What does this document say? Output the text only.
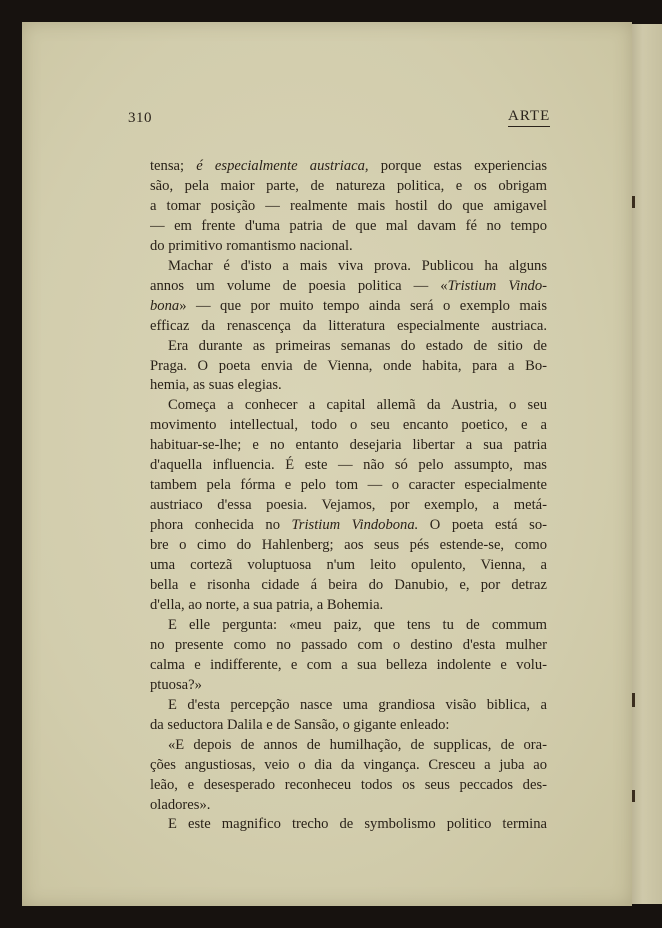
310	ARTE
tensa; é especialmente austriaca, porque estas experiencias
são, pela maior parte, de natureza politica, e os obrigam
a tomar posição — realmente mais hostil do que amigavel
— em frente d'uma patria de que mal davam fé no tempo
do primitivo romantismo nacional.
Machar é d'isto a mais viva prova. Publicou ha alguns
annos um volume de poesia politica — «Tristium Vindo-
bona» — que por muito tempo ainda será o exemplo mais
efficaz da renascença da litteratura especialmente austriaca.
Era durante as primeiras semanas do estado de sitio de
Praga. O poeta envia de Vienna, onde habita, para a Bo-
hemia, as suas elegias.
Começa a conhecer a capital allemã da Austria, o seu
movimento intellectual, todo o seu encanto poetico, e a
habituar-se-lhe; e no entanto desejaria libertar a sua patria
d'aquella influencia. É este — não só pelo assumpto, mas
tambem pela fórma e pelo tom — o caracter especialmente
austriaco d'essa poesia. Vejamos, por exemplo, a metá-
phora conhecida no Tristium Vindobona. O poeta está so-
bre o cimo do Hahlenberg; aos seus pés estende-se, como
uma cortezã voluptuosa n'um leito opulento, Vienna, a
bella e risonha cidade á beira do Danubio, e, por detraz
d'ella, ao norte, a sua patria, a Bohemia.
E elle pergunta: «meu paiz, que tens tu de commum
no presente como no passado com o destino d'esta mulher
calma e indifferente, e com a sua belleza indolente e volu-
ptuosa?»
E d'esta percepção nasce uma grandiosa visão biblica, a
da seductora Dalila e de Sansão, o gigante enleado:
«E depois de annos de humilhação, de supplicas, de ora-
ções angustiosas, veio o dia da vingança. Cresceu a juba ao
leão, e desesperado reconheceu todos os seus peccados des-
oladores».
E este magnifico trecho de symbolismo politico termina
